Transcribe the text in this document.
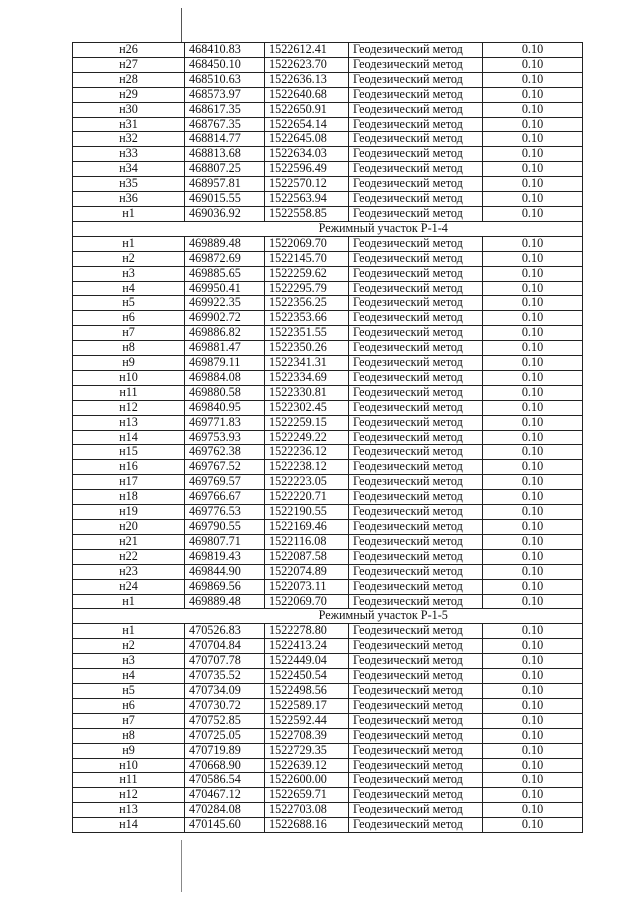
н26	468410.83	1522612.41	Геодезический метод	0.10
н27	468450.10	1522623.70	Геодезический метод	0.10
н28	468510.63	1522636.13	Геодезический метод	0.10
н29	468573.97	1522640.68	Геодезический метод	0.10
н30	468617.35	1522650.91	Геодезический метод	0.10
н31	468767.35	1522654.14	Геодезический метод	0.10
н32	468814.77	1522645.08	Геодезический метод	0.10
н33	468813.68	1522634.03	Геодезический метод	0.10
н34	468807.25	1522596.49	Геодезический метод	0.10
н35	468957.81	1522570.12	Геодезический метод	0.10
н36	469015.55	1522563.94	Геодезический метод	0.10
н1	469036.92	1522558.85	Геодезический метод	0.10
	Режимный участок Р-1-4			
н1	469889.48	1522069.70	Геодезический метод	0.10
н2	469872.69	1522145.70	Геодезический метод	0.10
н3	469885.65	1522259.62	Геодезический метод	0.10
н4	469950.41	1522295.79	Геодезический метод	0.10
н5	469922.35	1522356.25	Геодезический метод	0.10
н6	469902.72	1522353.66	Геодезический метод	0.10
н7	469886.82	1522351.55	Геодезический метод	0.10
н8	469881.47	1522350.26	Геодезический метод	0.10
н9	469879.11	1522341.31	Геодезический метод	0.10
н10	469884.08	1522334.69	Геодезический метод	0.10
н11	469880.58	1522330.81	Геодезический метод	0.10
н12	469840.95	1522302.45	Геодезический метод	0.10
н13	469771.83	1522259.15	Геодезический метод	0.10
н14	469753.93	1522249.22	Геодезический метод	0.10
н15	469762.38	1522236.12	Геодезический метод	0.10
н16	469767.52	1522238.12	Геодезический метод	0.10
н17	469769.57	1522223.05	Геодезический метод	0.10
н18	469766.67	1522220.71	Геодезический метод	0.10
н19	469776.53	1522190.55	Геодезический метод	0.10
н20	469790.55	1522169.46	Геодезический метод	0.10
н21	469807.71	1522116.08	Геодезический метод	0.10
н22	469819.43	1522087.58	Геодезический метод	0.10
н23	469844.90	1522074.89	Геодезический метод	0.10
н24	469869.56	1522073.11	Геодезический метод	0.10
н1	469889.48	1522069.70	Геодезический метод	0.10
	Режимный участок Р-1-5			
н1	470526.83	1522278.80	Геодезический метод	0.10
н2	470704.84	1522413.24	Геодезический метод	0.10
н3	470707.78	1522449.04	Геодезический метод	0.10
н4	470735.52	1522450.54	Геодезический метод	0.10
н5	470734.09	1522498.56	Геодезический метод	0.10
н6	470730.72	1522589.17	Геодезический метод	0.10
н7	470752.85	1522592.44	Геодезический метод	0.10
н8	470725.05	1522708.39	Геодезический метод	0.10
н9	470719.89	1522729.35	Геодезический метод	0.10
н10	470668.90	1522639.12	Геодезический метод	0.10
н11	470586.54	1522600.00	Геодезический метод	0.10
н12	470467.12	1522659.71	Геодезический метод	0.10
н13	470284.08	1522703.08	Геодезический метод	0.10
н14	470145.60	1522688.16	Геодезический метод	0.10
